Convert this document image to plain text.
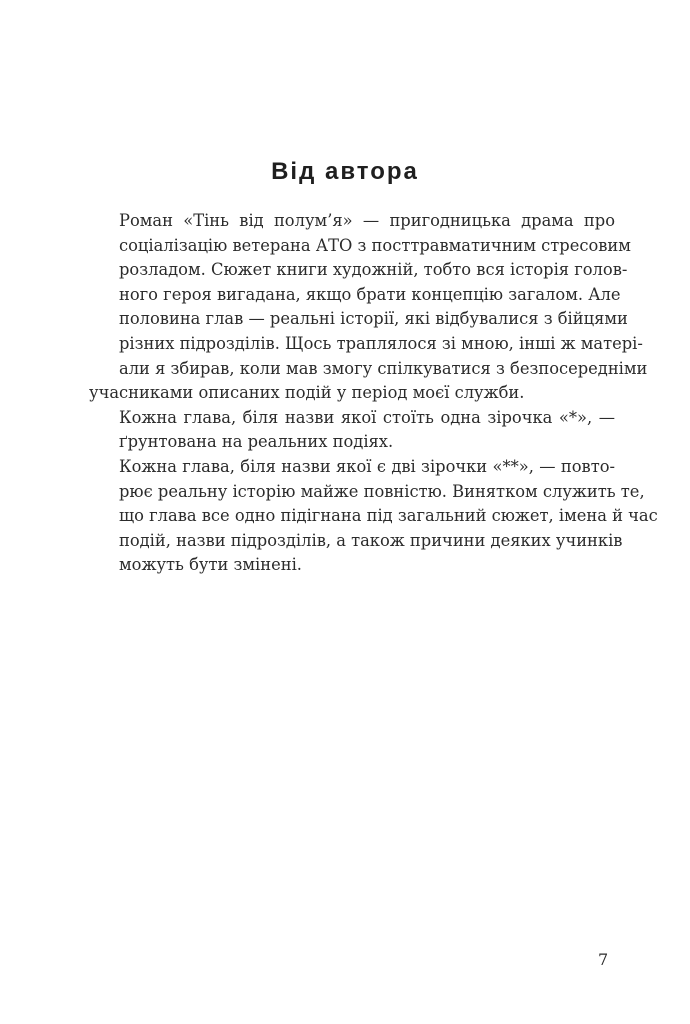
Від автора

Роман «Тінь від полум’я» — пригодницька драма про
соціалізацію ветерана АТО з посттравматичним стресовим
розладом. Сюжет книги художній, тобто вся історія голов-
ного героя вигадана, якщо брати концепцію загалом. Але
половина глав — реальні історії, які відбувалися з бійцями
різних підрозділів. Щось траплялося зі мною, інші ж матері-
али я збирав, коли мав змогу спілкуватися з безпосередніми
учасниками описаних подій у період моєї служби.

Кожна глава, біля назви якої стоїть одна зірочка «*», —
ґрунтована на реальних подіях.

Кожна глава, біля назви якої є дві зірочки «**», — повто-
рює реальну історію майже повністю. Винятком служить те,
що глава все одно підігнана під загальний сюжет, імена й час
подій, назви підрозділів, а також причини деяких учинків
можуть бути змінені.

7
